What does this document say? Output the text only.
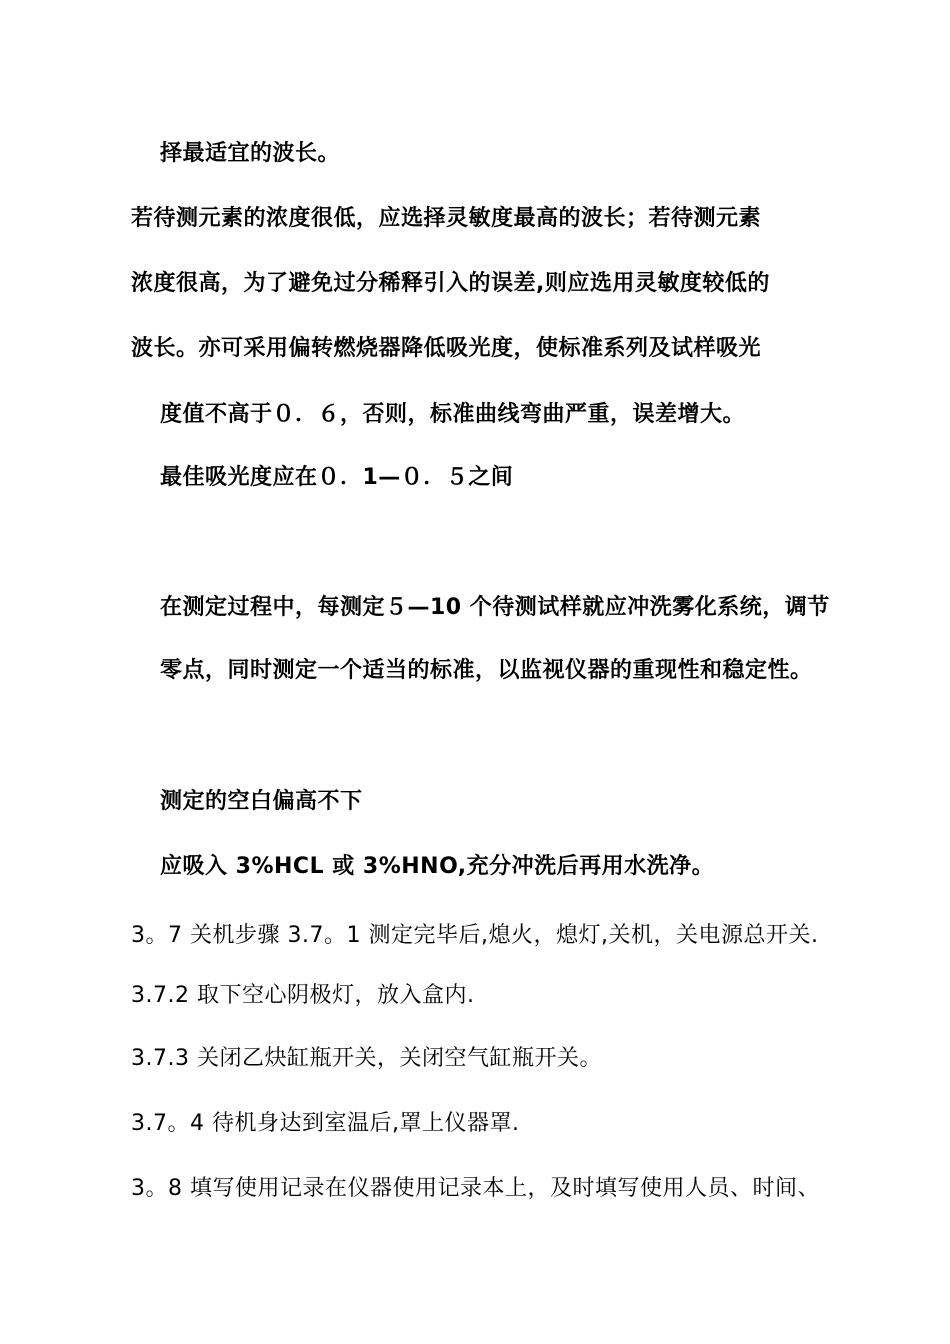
择最适宜的波长。
若待测元素的浓度很低，应选择灵敏度最高的波长；若待测元素
浓度很高，为了避免过分稀释引入的误差,则应选用灵敏度较低的
波长。亦可采用偏转燃烧器降低吸光度，使标准系列及试样吸光
度值不高于０．６，否则，标准曲线弯曲严重，误差增大。
最佳吸光度应在０．1—０．５之间
在测定过程中，每测定５—10 个待测试样就应冲洗雾化系统，调节
零点，同时测定一个适当的标准，以监视仪器的重现性和稳定性。
测定的空白偏高不下
应吸入 3%HCL 或 3%HNO,充分冲洗后再用水洗净。
3。7 关机步骤 3.7。1 测定完毕后,熄火，熄灯,关机，关电源总开关.
3.7.2 取下空心阴极灯，放入盒内.
3.7.3 关闭乙炔缸瓶开关，关闭空气缸瓶开关。
3.7。4 待机身达到室温后,罩上仪器罩.
3。8 填写使用记录在仪器使用记录本上，及时填写使用人员、时间、
